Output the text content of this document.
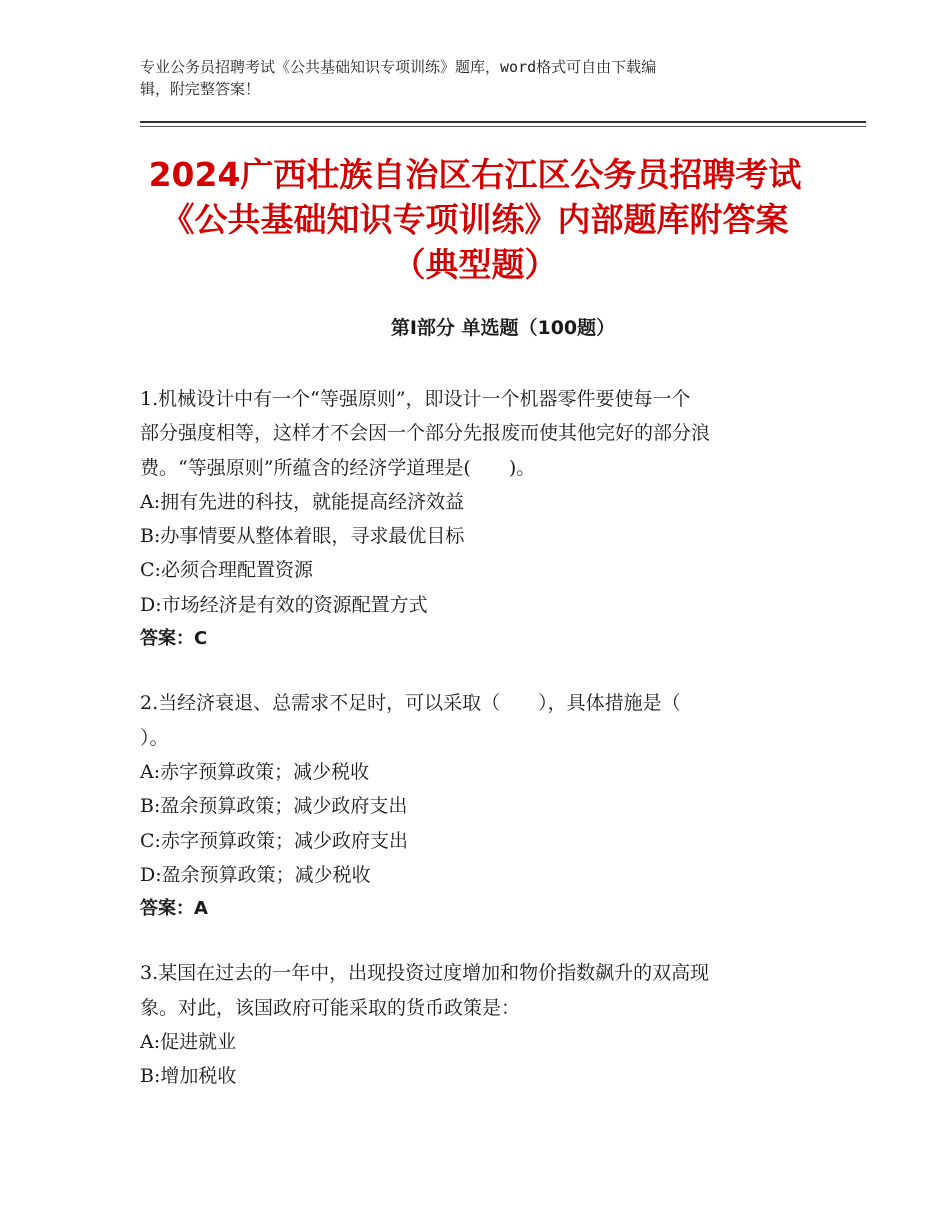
专业公务员招聘考试《公共基础知识专项训练》题库，word格式可自由下载编
辑，附完整答案！
2024广西壮族自治区右江区公务员招聘考试
《公共基础知识专项训练》内部题库附答案
（典型题）
第Ⅰ部分 单选题（100题）
1.机械设计中有一个“等强原则”，即设计一个机器零件要使每一个
部分强度相等，这样才不会因一个部分先报废而使其他完好的部分浪
费。“等强原则”所蕴含的经济学道理是(　　)。
A:拥有先进的科技，就能提高经济效益
B:办事情要从整体着眼，寻求最优目标
C:必须合理配置资源
D:市场经济是有效的资源配置方式
答案：C
2.当经济衰退、总需求不足时，可以采取（　　），具体措施是（
）。
A:赤字预算政策；减少税收
B:盈余预算政策；减少政府支出
C:赤字预算政策；减少政府支出
D:盈余预算政策；减少税收
答案：A
3.某国在过去的一年中，出现投资过度增加和物价指数飙升的双高现
象。对此，该国政府可能采取的货币政策是：
A:促进就业
B:增加税收
